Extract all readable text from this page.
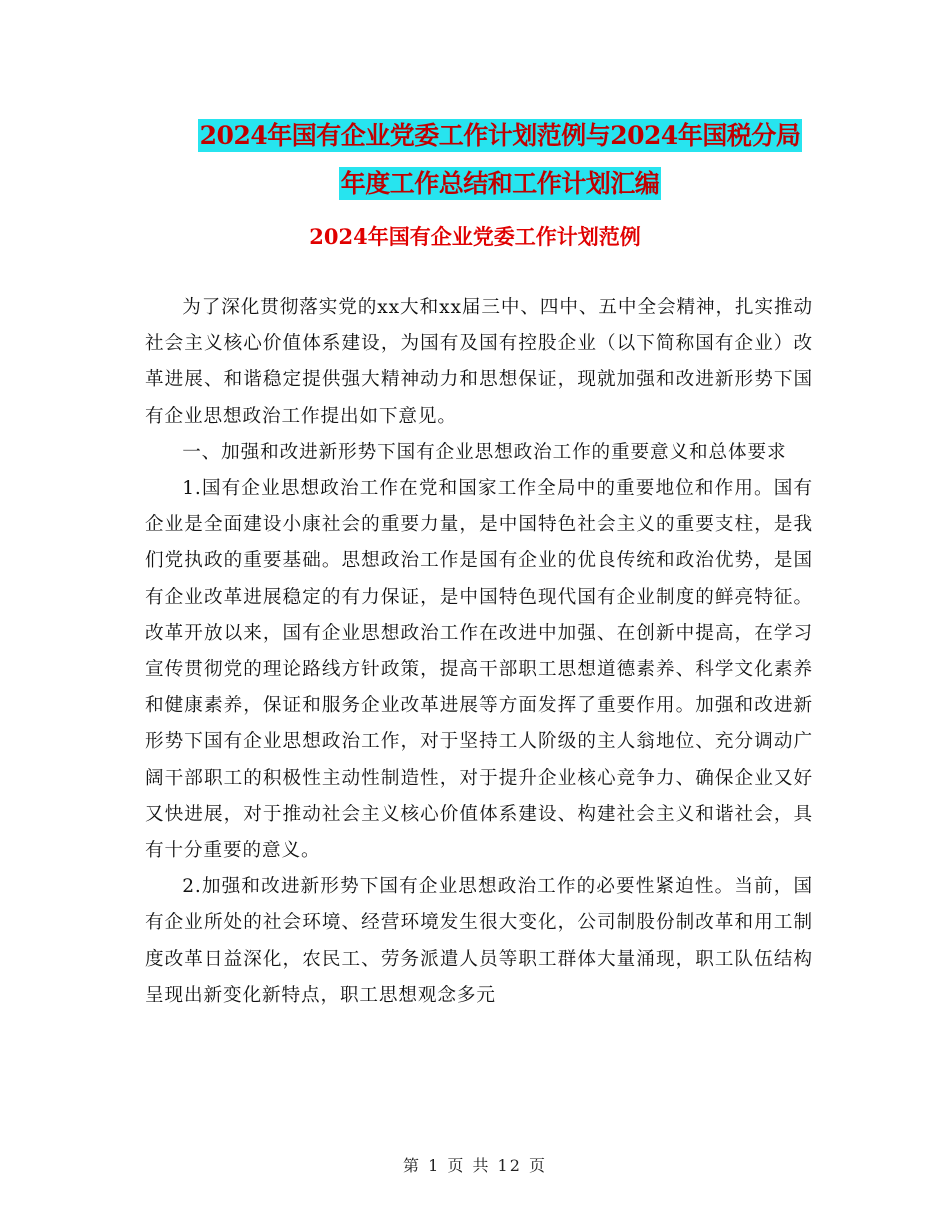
2024年国有企业党委工作计划范例与2024年国税分局
年度工作总结和工作计划汇编
2024年国有企业党委工作计划范例

为了深化贯彻落实党的xx大和xx届三中、四中、五中全会精神，扎实推动社会主义核心价值体系建设，为国有及国有控股企业（以下简称国有企业）改革进展、和谐稳定提供强大精神动力和思想保证，现就加强和改进新形势下国有企业思想政治工作提出如下意见。

一、加强和改进新形势下国有企业思想政治工作的重要意义和总体要求

1.国有企业思想政治工作在党和国家工作全局中的重要地位和作用。国有企业是全面建设小康社会的重要力量，是中国特色社会主义的重要支柱，是我们党执政的重要基础。思想政治工作是国有企业的优良传统和政治优势，是国有企业改革进展稳定的有力保证，是中国特色现代国有企业制度的鲜亮特征。改革开放以来，国有企业思想政治工作在改进中加强、在创新中提高，在学习宣传贯彻党的理论路线方针政策，提高干部职工思想道德素养、科学文化素养和健康素养，保证和服务企业改革进展等方面发挥了重要作用。加强和改进新形势下国有企业思想政治工作，对于坚持工人阶级的主人翁地位、充分调动广阔干部职工的积极性主动性制造性，对于提升企业核心竞争力、确保企业又好又快进展，对于推动社会主义核心价值体系建设、构建社会主义和谐社会，具有十分重要的意义。

2.加强和改进新形势下国有企业思想政治工作的必要性紧迫性。当前，国有企业所处的社会环境、经营环境发生很大变化，公司制股份制改革和用工制度改革日益深化，农民工、劳务派遣人员等职工群体大量涌现，职工队伍结构呈现出新变化新特点，职工思想观念多元

第 1 页 共 12 页
